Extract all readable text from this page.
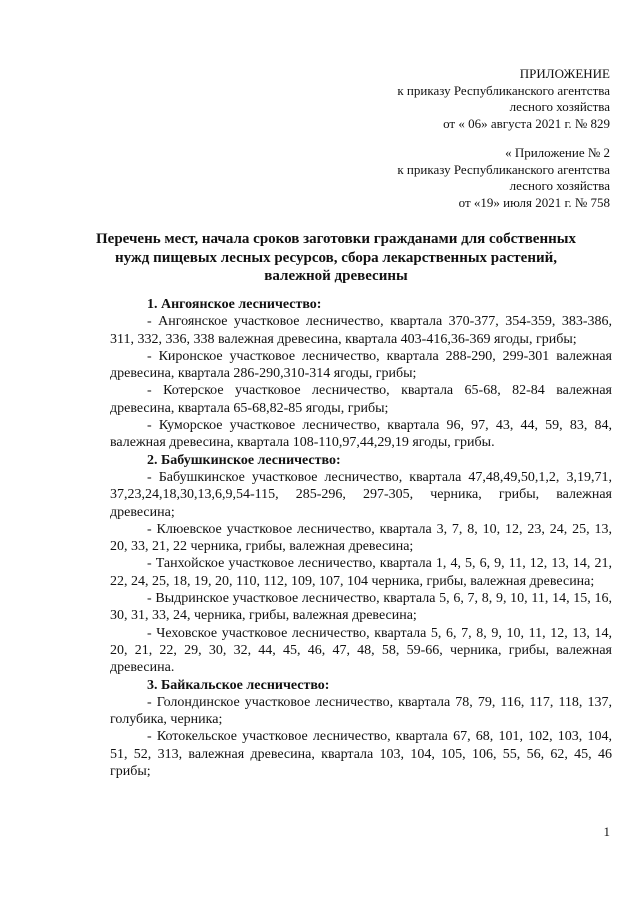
ПРИЛОЖЕНИЕ
к приказу Республиканского агентства
лесного хозяйства
от « 06» августа 2021 г. № 829
« Приложение № 2
к приказу Республиканского агентства
лесного хозяйства
от «19» июля 2021 г. № 758
Перечень мест, начала сроков заготовки гражданами для собственных
нужд пищевых лесных ресурсов, сбора лекарственных растений,
валежной древесины
1. Ангоянское лесничество:
- Ангоянское участковое лесничество, квартала 370-377, 354-359, 383-386, 311, 332, 336, 338 валежная древесина, квартала 403-416,36-369 ягоды, грибы;
- Киронское участковое лесничество, квартала 288-290, 299-301 валежная древесина, квартала 286-290,310-314 ягоды, грибы;
- Котерское участковое лесничество, квартала 65-68, 82-84 валежная древесина, квартала 65-68,82-85 ягоды, грибы;
- Куморское участковое лесничество, квартала 96, 97, 43, 44, 59, 83, 84, валежная древесина, квартала 108-110,97,44,29,19 ягоды, грибы.
2. Бабушкинское лесничество:
- Бабушкинское участковое лесничество, квартала 47,48,49,50,1,2, 3,19,71, 37,23,24,18,30,13,6,9,54-115, 285-296, 297-305, черника, грибы, валежная древесина;
- Клюевское участковое лесничество, квартала 3, 7, 8, 10, 12, 23, 24, 25, 13, 20, 33, 21, 22 черника, грибы, валежная древесина;
- Танхойское участковое лесничество, квартала 1, 4, 5, 6, 9, 11, 12, 13, 14, 21, 22, 24, 25, 18, 19, 20, 110, 112, 109, 107, 104 черника, грибы, валежная древесина;
- Выдринское участковое лесничество, квартала 5, 6, 7, 8, 9, 10, 11, 14, 15, 16, 30, 31, 33, 24, черника, грибы, валежная древесина;
- Чеховское участковое лесничество, квартала 5, 6, 7, 8, 9, 10, 11, 12, 13, 14, 20, 21, 22, 29, 30, 32, 44, 45, 46, 47, 48, 58, 59-66, черника, грибы, валежная древесина.
3. Байкальское лесничество:
- Голондинское участковое лесничество, квартала 78, 79, 116, 117, 118, 137, голубика, черника;
- Котокельское участковое лесничество, квартала 67, 68, 101, 102, 103, 104, 51, 52, 313, валежная древесина, квартала 103, 104, 105, 106, 55, 56, 62, 45, 46 грибы;
1
